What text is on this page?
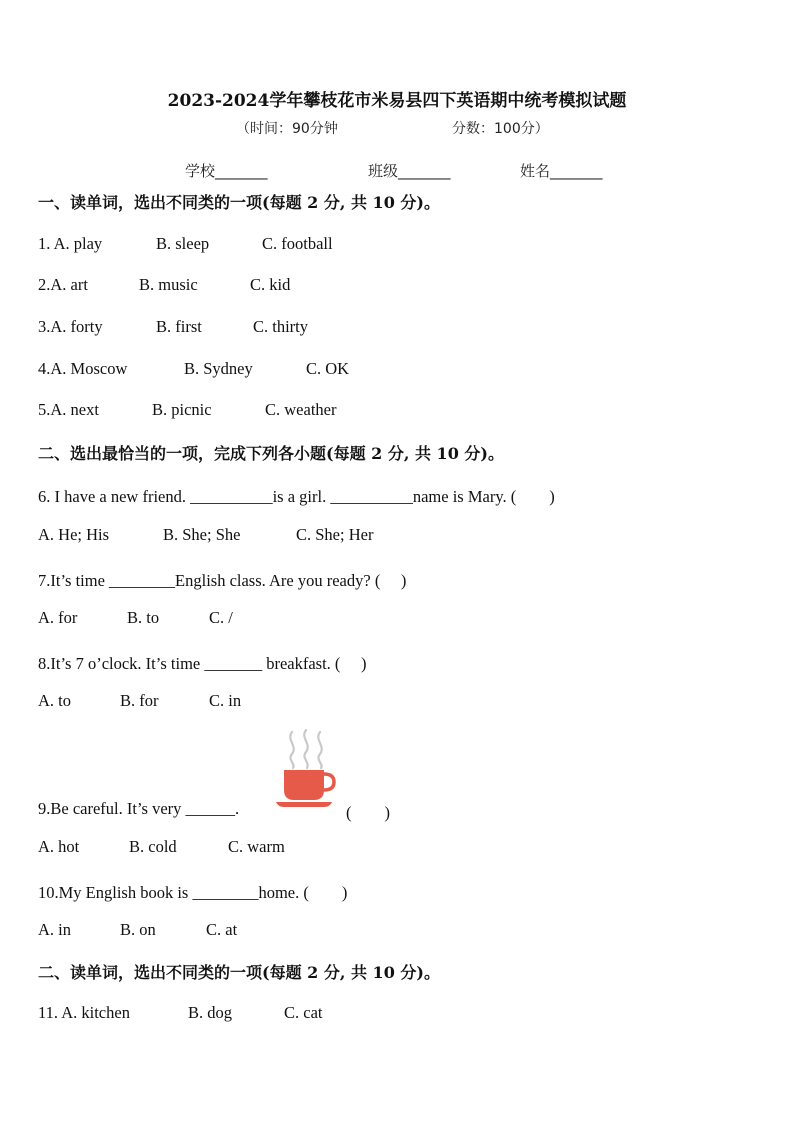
2023-2024学年攀枝花市米易县四下英语期中统考模拟试题
（时间：90分钟	分数：100分）
学校_______	班级_______	姓名_______
一、读单词，选出不同类的一项(每题 2 分, 共 10 分)。
1. A. play	B. sleep	C. football
2.A. art	B. music	C. kid
3.A. forty	B. first	C. thirty
4.A. Moscow	B. Sydney	C. OK
5.A. next	B. picnic	C. weather
二、选出最恰当的一项，完成下列各小题(每题 2 分, 共 10 分)。
6. I have a new friend. __________is a girl. __________name is Mary. (　　)
A. He; His	B. She; She	C. She; Her
7.It’s time ________English class. Are you ready? (　 )
A. for	B. to	C. /
8.It’s 7 o’clock. It’s time _______ breakfast. (　 )
A. to	B. for	C. in
9.Be careful. It’s very ______.	(　　)
A. hot	B. cold	C. warm
10.My English book is ________home. (　　)
A. in	B. on	C. at
二、读单词，选出不同类的一项(每题 2 分, 共 10 分)。
11. A. kitchen	B. dog	C. cat
